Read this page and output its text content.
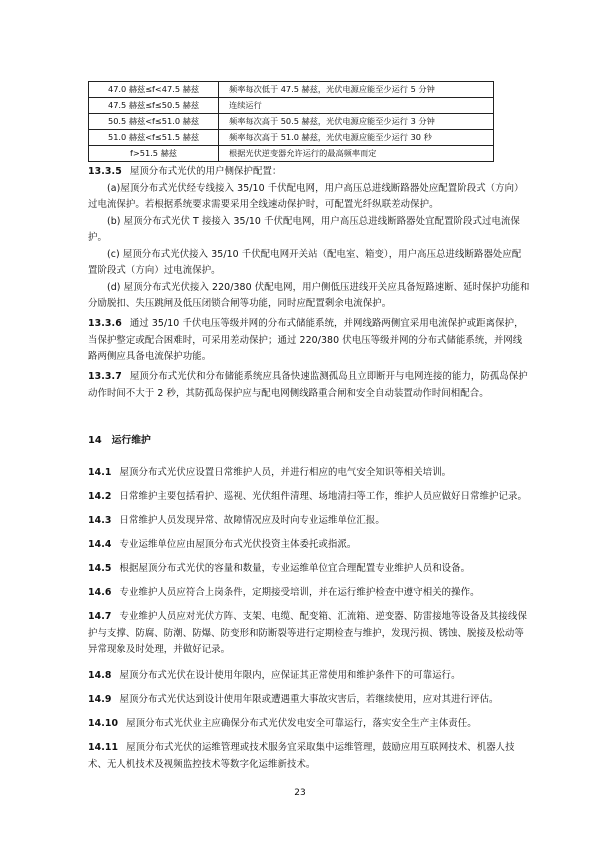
47.0 赫兹≤f<47.5 赫兹	频率每次低于 47.5 赫兹，光伏电源应能至少运行 5 分钟
47.5 赫兹≤f≤50.5 赫兹	连续运行
50.5 赫兹<f≤51.0 赫兹	频率每次高于 50.5 赫兹，光伏电源应能至少运行 3 分钟
51.0 赫兹<f≤51.5 赫兹	频率每次高于 51.0 赫兹，光伏电源应能至少运行 30 秒
f>51.5 赫兹	根据光伏逆变器允许运行的最高频率而定
13.3.5 屋顶分布式光伏的用户侧保护配置：
(a)屋顶分布式光伏经专线接入 35/10 千伏配电网，用户高压总进线断路器处应配置阶段式（方向）过电流保护。若根据系统要求需要采用全线速动保护时，可配置光纤纵联差动保护。
(b) 屋顶分布式光伏 T 接接入 35/10 千伏配电网，用户高压总进线断路器处宜配置阶段式过电流保护。
(c) 屋顶分布式光伏接入 35/10 千伏配电网开关站（配电室、箱变），用户高压总进线断路器处应配置阶段式（方向）过电流保护。
(d) 屋顶分布式光伏接入 220/380 伏配电网，用户侧低压进线开关应具备短路速断、延时保护功能和分励脱扣、失压跳闸及低压闭锁合闸等功能，同时应配置剩余电流保护。
13.3.6 通过 35/10 千伏电压等级并网的分布式储能系统，并网线路两侧宜采用电流保护或距离保护，当保护整定或配合困难时，可采用差动保护；通过 220/380 伏电压等级并网的分布式储能系统，并网线路两侧应具备电流保护功能。
13.3.7 屋顶分布式光伏和分布储能系统应具备快速监测孤岛且立即断开与电网连接的能力，防孤岛保护动作时间不大于 2 秒，其防孤岛保护应与配电网侧线路重合闸和安全自动装置动作时间相配合。
14 运行维护
14.1 屋顶分布式光伏应设置日常维护人员，并进行相应的电气安全知识等相关培训。
14.2 日常维护主要包括看护、巡视、光伏组件清理、场地清扫等工作，维护人员应做好日常维护记录。
14.3 日常维护人员发现异常、故障情况应及时向专业运维单位汇报。
14.4 专业运维单位应由屋顶分布式光伏投资主体委托或指派。
14.5 根据屋顶分布式光伏的容量和数量，专业运维单位宜合理配置专业维护人员和设备。
14.6 专业维护人员应符合上岗条件，定期接受培训，并在运行维护检查中遵守相关的操作。
14.7 专业维护人员应对光伏方阵、支架、电缆、配变箱、汇流箱、逆变器、防雷接地等设备及其接线保护与支撑、防腐、防潮、防爆、防变形和防断裂等进行定期检查与维护，发现污损、锈蚀、脱接及松动等异常现象及时处理，并做好记录。
14.8 屋顶分布式光伏在设计使用年限内，应保证其正常使用和维护条件下的可靠运行。
14.9 屋顶分布式光伏达到设计使用年限或遭遇重大事故灾害后，若继续使用，应对其进行评估。
14.10 屋顶分布式光伏业主应确保分布式光伏发电安全可靠运行，落实安全生产主体责任。
14.11 屋顶分布式光伏的运维管理或技术服务宜采取集中运维管理，鼓励应用互联网技术、机器人技术、无人机技术及视频监控技术等数字化运维新技术。
23
